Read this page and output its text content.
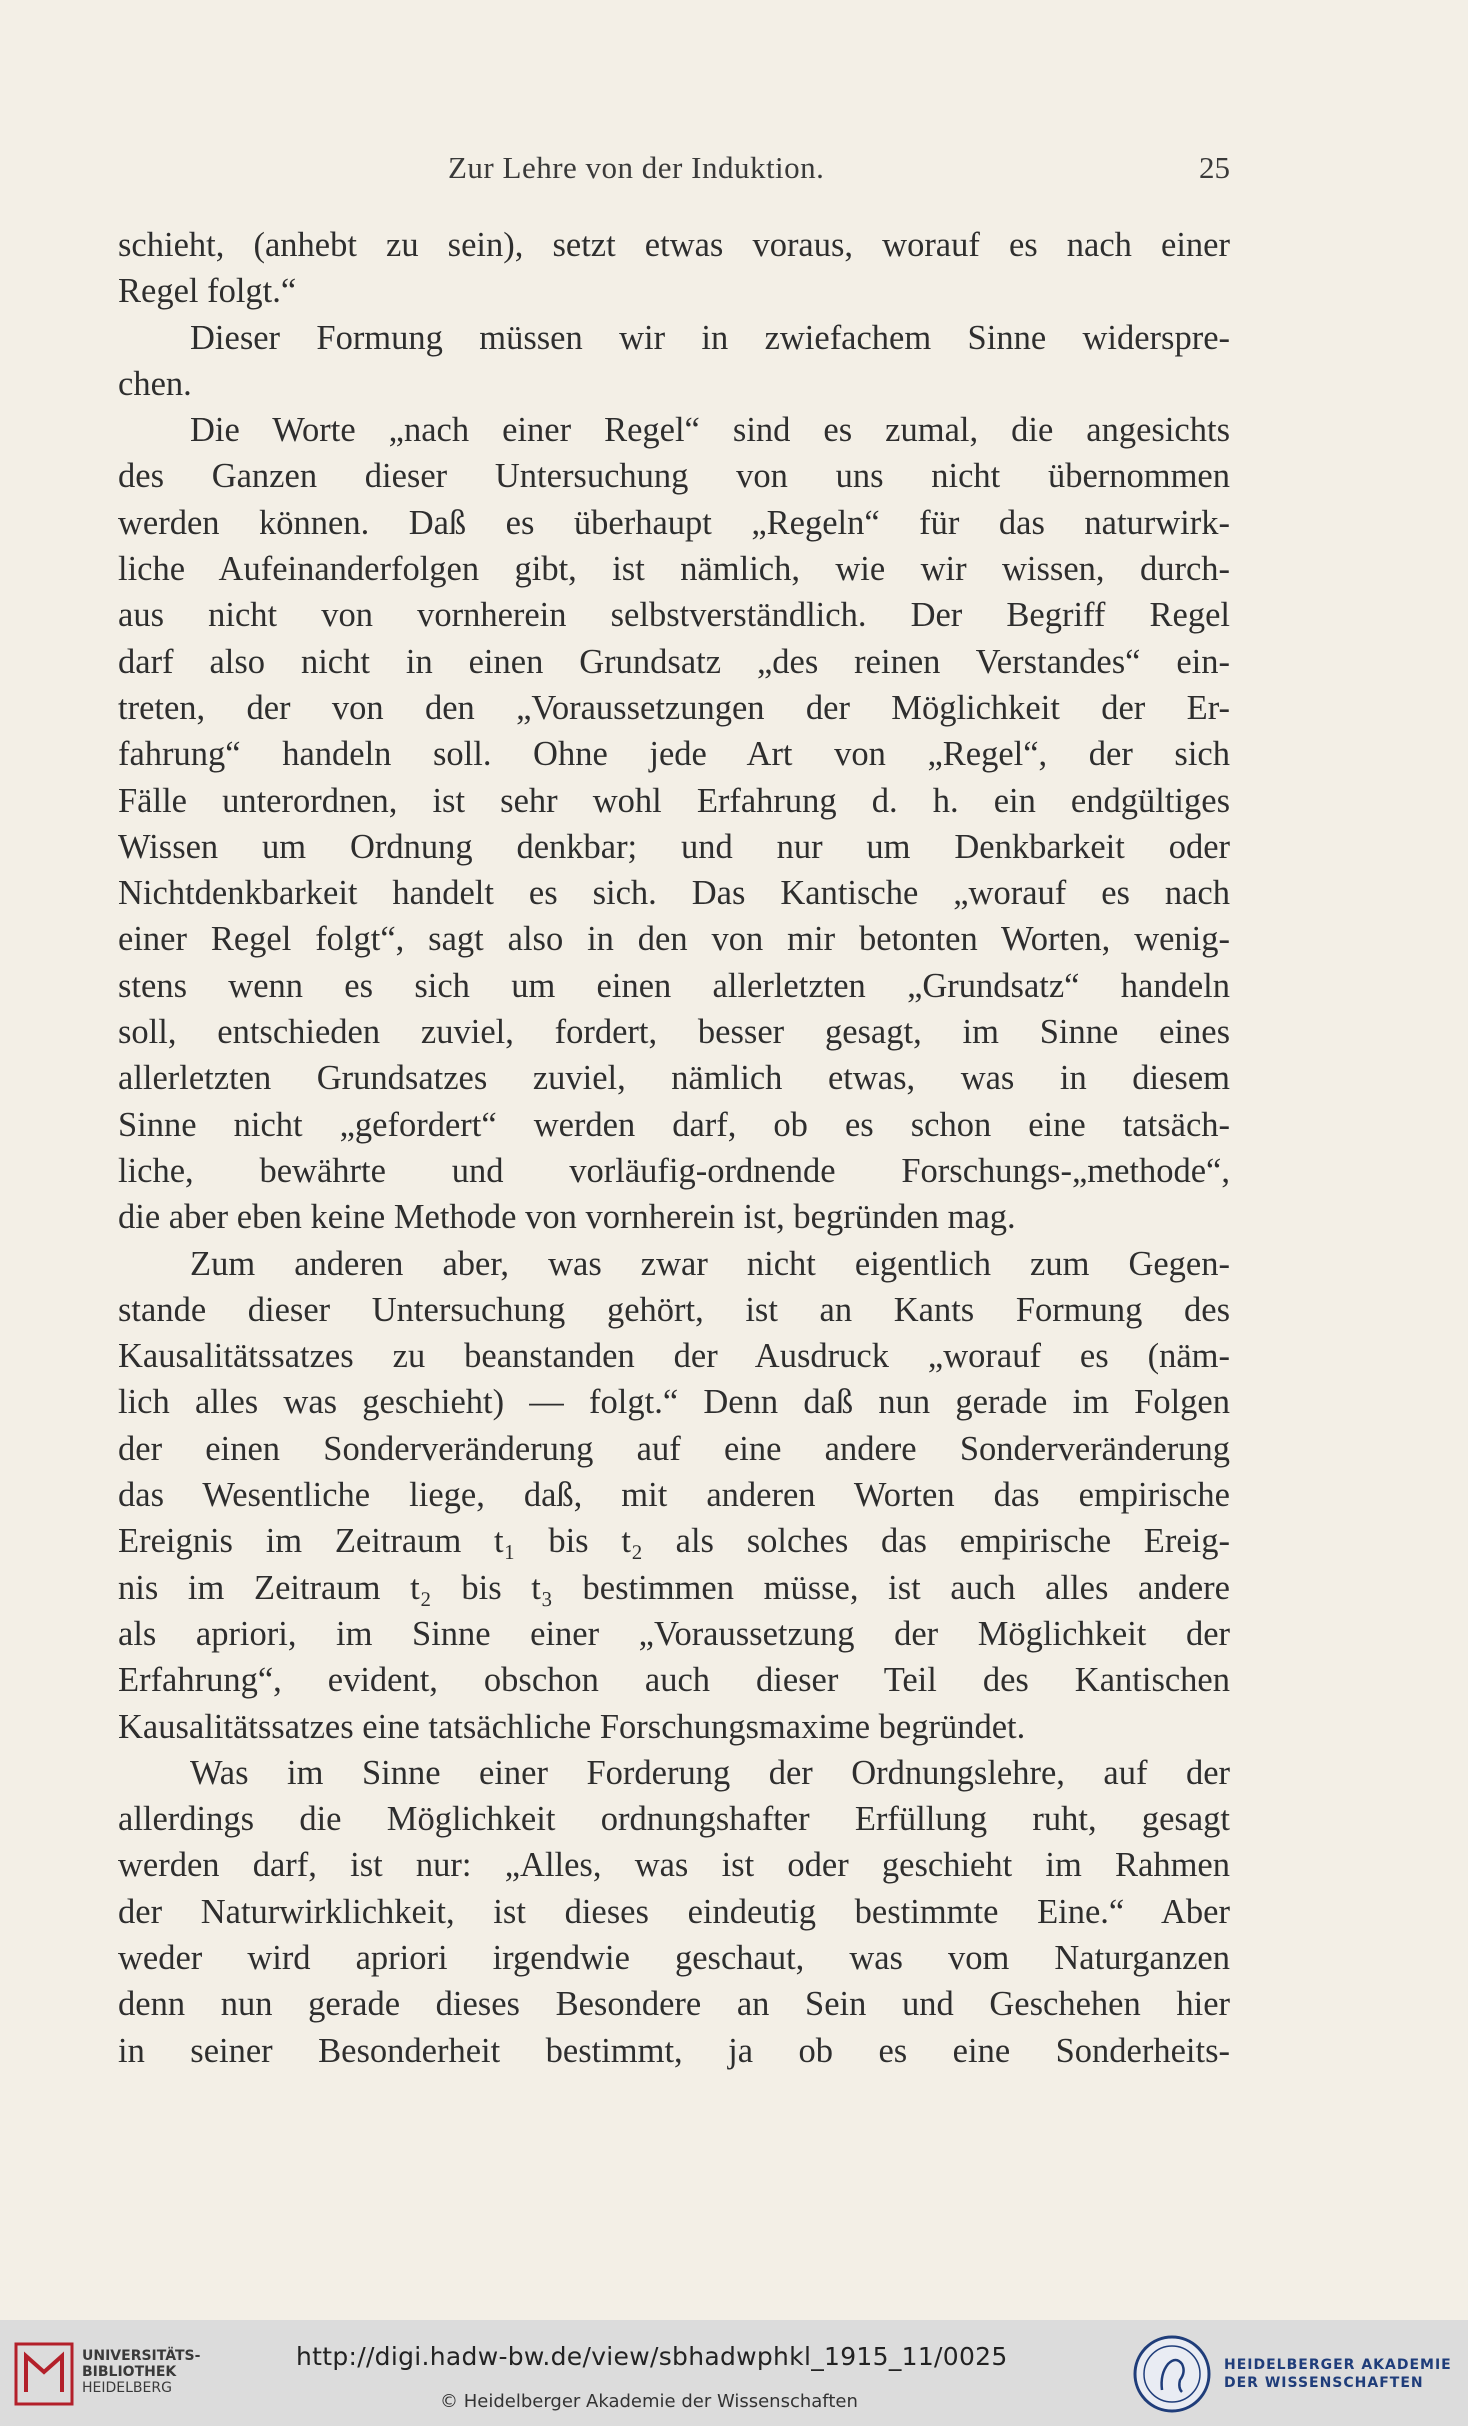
Zur Lehre von der Induktion.	25
schieht, (anhebt zu sein), setzt etwas voraus, worauf es nach einer
Regel folgt.“
Dieser Formung müssen wir in zwiefachem Sinne widerspre-
chen.
Die Worte „nach einer Regel“ sind es zumal, die angesichts
des Ganzen dieser Untersuchung von uns nicht übernommen
werden können. Daß es überhaupt „Regeln“ für das naturwirk-
liche Aufeinanderfolgen gibt, ist nämlich, wie wir wissen, durch-
aus nicht von vornherein selbstverständlich. Der Begriff Regel
darf also nicht in einen Grundsatz „des reinen Verstandes“ ein-
treten, der von den „Voraussetzungen der Möglichkeit der Er-
fahrung“ handeln soll. Ohne jede Art von „Regel“, der sich
Fälle unterordnen, ist sehr wohl Erfahrung d. h. ein endgültiges
Wissen um Ordnung denkbar; und nur um Denkbarkeit oder
Nichtdenkbarkeit handelt es sich. Das Kantische „worauf es nach
einer Regel folgt“, sagt also in den von mir betonten Worten, wenig-
stens wenn es sich um einen allerletzten „Grundsatz“ handeln
soll, entschieden zuviel, fordert, besser gesagt, im Sinne eines
allerletzten Grundsatzes zuviel, nämlich etwas, was in diesem
Sinne nicht „gefordert“ werden darf, ob es schon eine tatsäch-
liche, bewährte und vorläufig-ordnende Forschungs-„methode“,
die aber eben keine Methode von vornherein ist, begründen mag.
Zum anderen aber, was zwar nicht eigentlich zum Gegen-
stande dieser Untersuchung gehört, ist an Kants Formung des
Kausalitätssatzes zu beanstanden der Ausdruck „worauf es (näm-
lich alles was geschieht) — folgt.“ Denn daß nun gerade im Folgen
der einen Sonderveränderung auf eine andere Sonderveränderung
das Wesentliche liege, daß, mit anderen Worten das empirische
Ereignis im Zeitraum t₁ bis t₂ als solches das empirische Ereig-
nis im Zeitraum t₂ bis t₃ bestimmen müsse, ist auch alles andere
als apriori, im Sinne einer „Voraussetzung der Möglichkeit der
Erfahrung“, evident, obschon auch dieser Teil des Kantischen
Kausalitätssatzes eine tatsächliche Forschungsmaxime begründet.
Was im Sinne einer Forderung der Ordnungslehre, auf der
allerdings die Möglichkeit ordnungshafter Erfüllung ruht, gesagt
werden darf, ist nur: „Alles, was ist oder geschieht im Rahmen
der Naturwirklichkeit, ist dieses eindeutig bestimmte Eine.“ Aber
weder wird apriori irgendwie geschaut, was vom Naturganzen
denn nun gerade dieses Besondere an Sein und Geschehen hier
in seiner Besonderheit bestimmt, ja ob es eine Sonderheits-
UNIVERSITÄTS-
BIBLIOTHEK
HEIDELBERG
http://digi.hadw-bw.de/view/sbhadwphkl_1915_11/0025
© Heidelberger Akademie der Wissenschaften
HEIDELBERGER AKADEMIE
DER WISSENSCHAFTEN
